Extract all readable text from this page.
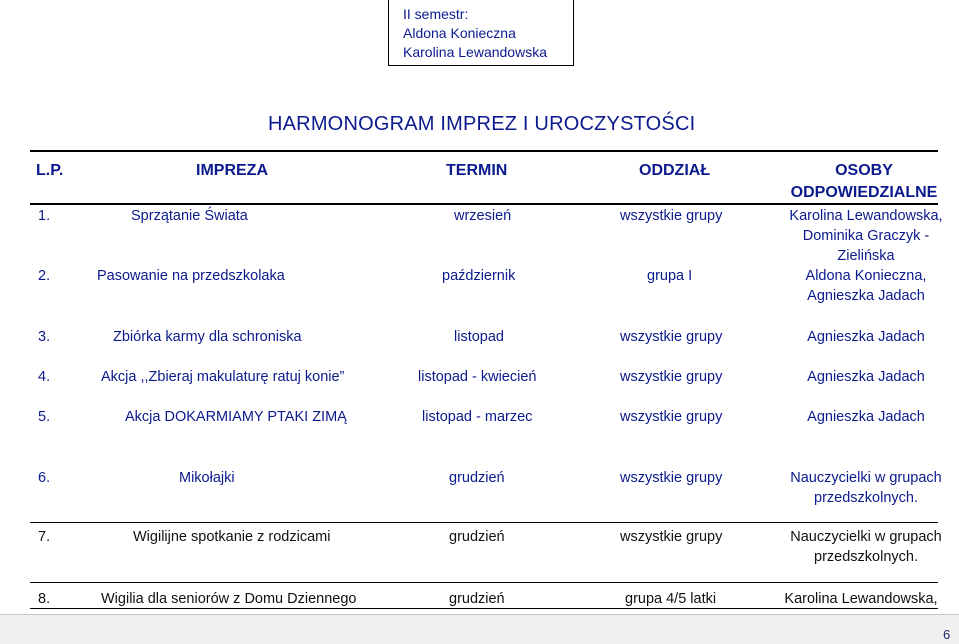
II semestr:
Aldona Konieczna
Karolina Lewandowska
HARMONOGRAM IMPREZ I UROCZYSTOŚCI
L.P.	IMPREZA	TERMIN	ODDZIAŁ	OSOBY
ODPOWIEDZIALNE
1.	Sprzątanie Świata	wrzesień	wszystkie grupy	Karolina Lewandowska,
Dominika Graczyk -
Zielińska
2.	Pasowanie na przedszkolaka	październik	grupa I	Aldona Konieczna,
Agnieszka Jadach
3.	Zbiórka karmy dla schroniska	listopad	wszystkie grupy	Agnieszka Jadach
4.	Akcja ,,Zbieraj makulaturę ratuj konie”	listopad - kwiecień	wszystkie grupy	Agnieszka Jadach
5.	Akcja DOKARMIAMY PTAKI ZIMĄ	listopad - marzec	wszystkie grupy	Agnieszka Jadach
6.	Mikołajki	grudzień	wszystkie grupy	Nauczycielki w grupach
przedszkolnych.
7.	Wigilijne spotkanie z rodzicami	grudzień	wszystkie grupy	Nauczycielki w grupach
przedszkolnych.
8.	Wigilia dla seniorów z Domu Dziennego	grudzień	grupa 4/5 latki	Karolina Lewandowska,
6
